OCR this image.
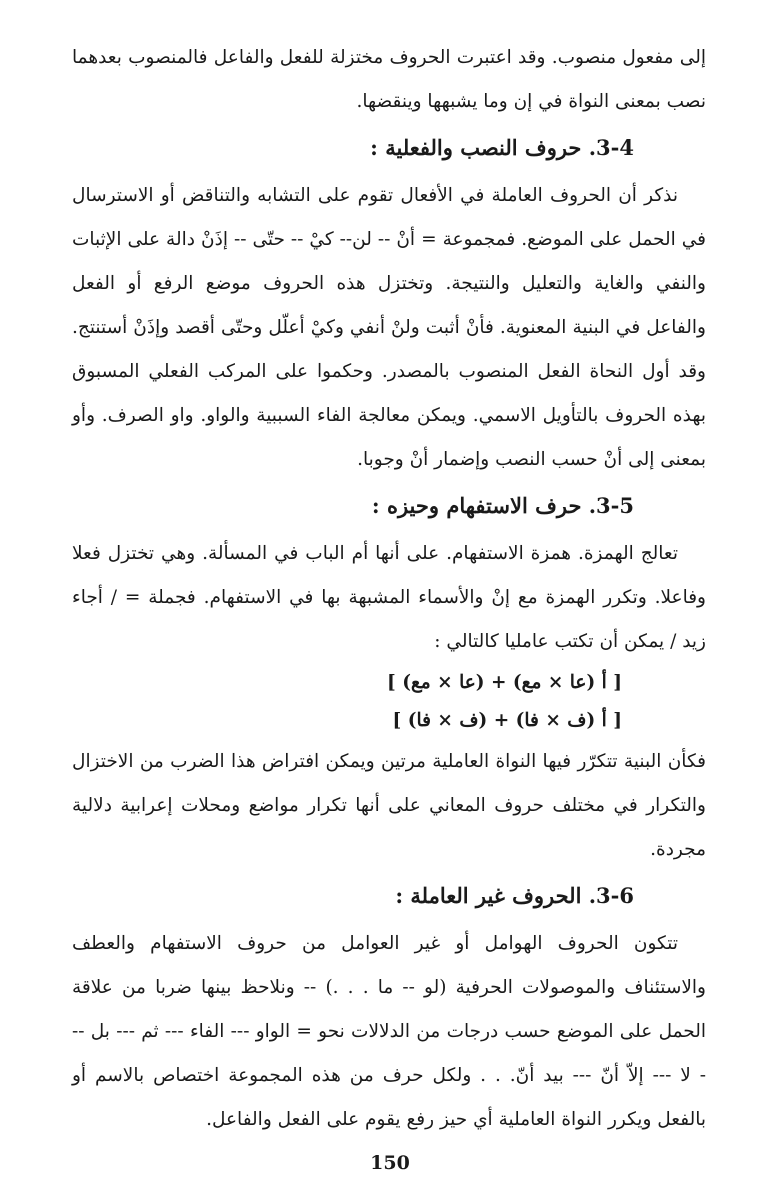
إلى مفعول منصوب. وقد اعتبرت الحروف مختزلة للفعل والفاعل فالمنصوب بعدهما نصب بمعنى النواة في إن وما يشبهها وينقضها.

3-4. حروف النصب والفعلية :

نذكر أن الحروف العاملة في الأفعال تقوم على التشابه والتناقض أو الاسترسال في الحمل على الموضع. فمجموعة = أنْ -- لن-- كيْ -- حتّى -- إذَنْ دالة على الإثبات والنفي والغاية والتعليل والنتيجة. وتختزل هذه الحروف موضع الرفع أو الفعل والفاعل في البنية المعنوية. فأنْ أثبت ولنْ أنفي وكيْ أعلّل وحتّى أقصد وإذَنْ أستنتج. وقد أول النحاة الفعل المنصوب بالمصدر. وحكموا على المركب الفعلي المسبوق بهذه الحروف بالتأويل الاسمي. ويمكن معالجة الفاء السببية والواو. واو الصرف. وأو بمعنى إلى أنْ حسب النصب وإضمار أنْ وجوبا.

3-5. حرف الاستفهام وحيزه :

تعالج الهمزة. همزة الاستفهام. على أنها أم الباب في المسألة. وهي تختزل فعلا وفاعلا. وتكرر الهمزة مع إنْ والأسماء المشبهة بها في الاستفهام. فجملة = / أجاء زيد / يمكن أن تكتب عامليا كالتالي :

[ أ (عا × مع) + (عا × مع) ]
[ أ (ف × فا) + (ف × فا) ]

فكأن البنية تتكرّر فيها النواة العاملية مرتين ويمكن افتراض هذا الضرب من الاختزال والتكرار في مختلف حروف المعاني على أنها تكرار مواضع ومحلات إعرابية دلالية مجردة.

3-6. الحروف غير العاملة :

تتكون الحروف الهوامل أو غير العوامل من حروف الاستفهام والعطف والاستئناف والموصولات الحرفية (لو -- ما . . .) -- ونلاحظ بينها ضربا من علاقة الحمل على الموضع حسب درجات من الدلالات نحو = الواو --- الفاء --- ثم --- بل --- لا --- إلاّ أنّ --- بيد أنّ. . . ولكل حرف من هذه المجموعة اختصاص بالاسم أو بالفعل ويكرر النواة العاملية أي حيز رفع يقوم على الفعل والفاعل.

150
